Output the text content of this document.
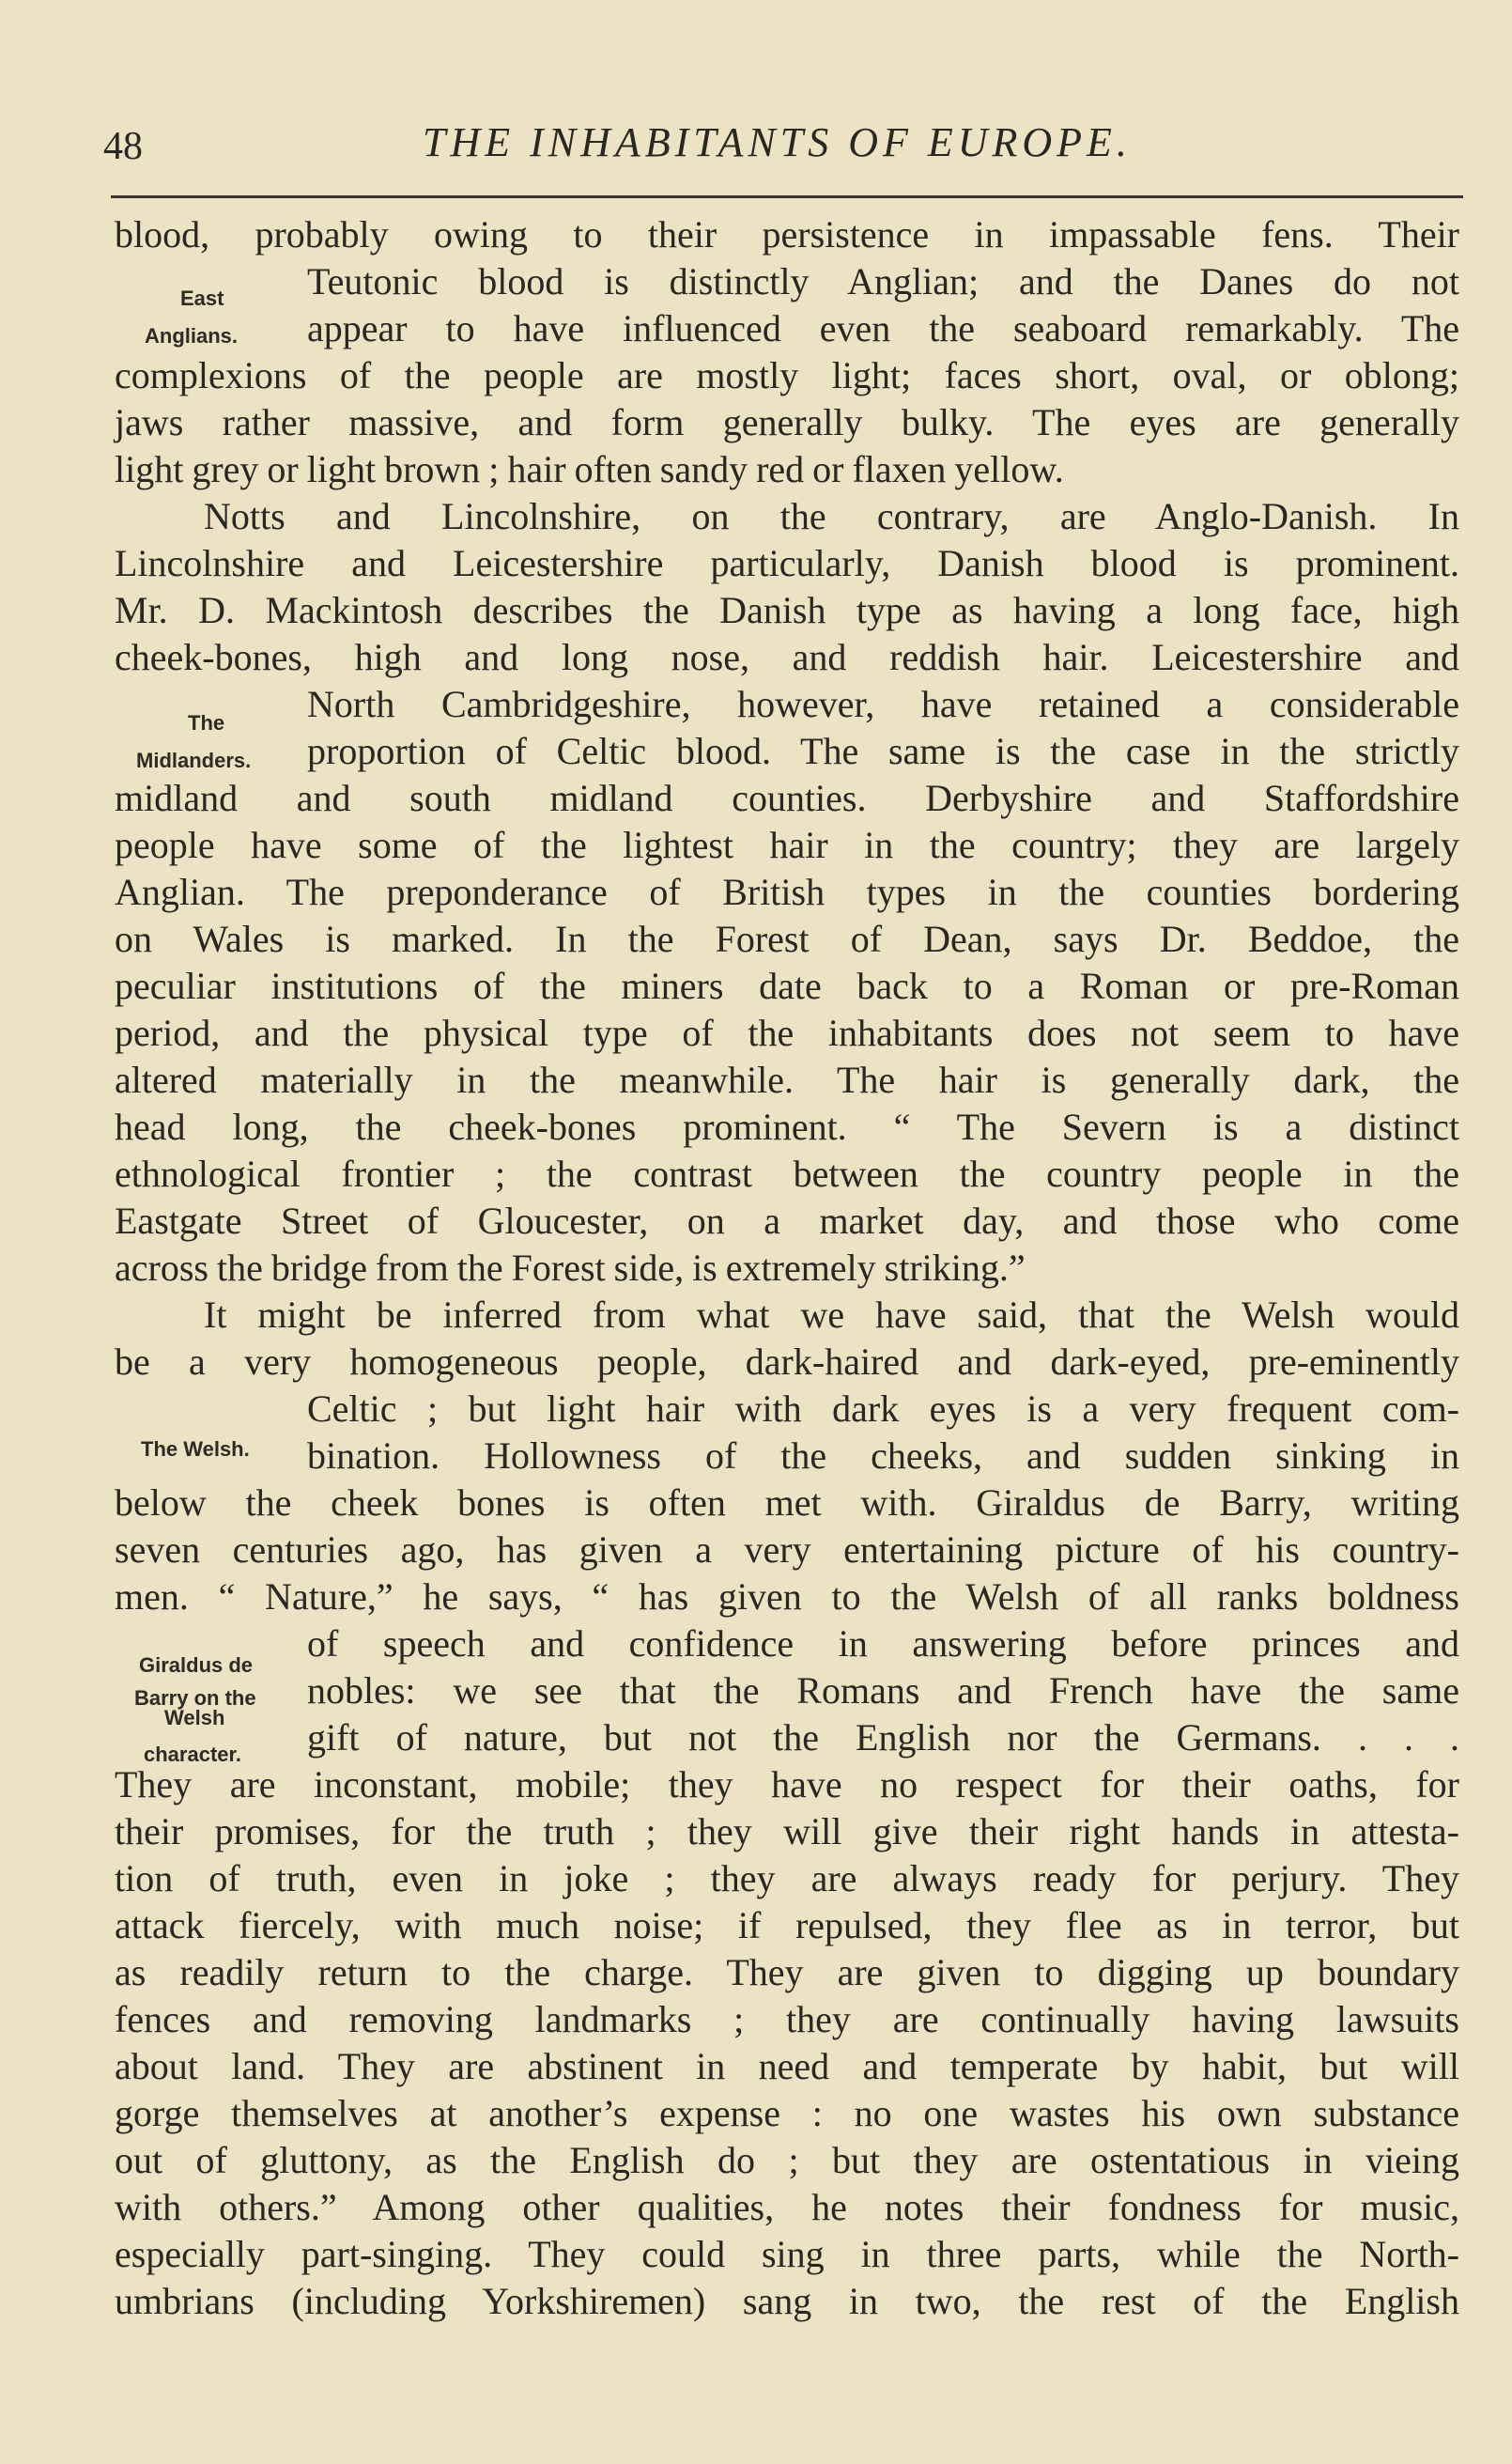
48	THE INHABITANTS OF EUROPE.
blood, probably owing to their persistence in impassable fens. Their
Teutonic blood is distinctly Anglian; and the Danes do not
appear to have influenced even the seaboard remarkably. The
complexions of the people are mostly light; faces short, oval, or oblong;
jaws rather massive, and form generally bulky. The eyes are generally
light grey or light brown ; hair often sandy red or flaxen yellow.
Notts and Lincolnshire, on the contrary, are Anglo-Danish. In
Lincolnshire and Leicestershire particularly, Danish blood is prominent.
Mr. D. Mackintosh describes the Danish type as having a long face, high
cheek-bones, high and long nose, and reddish hair. Leicestershire and
North Cambridgeshire, however, have retained a considerable
proportion of Celtic blood. The same is the case in the strictly
midland and south midland counties. Derbyshire and Staffordshire
people have some of the lightest hair in the country; they are largely
Anglian. The preponderance of British types in the counties bordering
on Wales is marked. In the Forest of Dean, says Dr. Beddoe, the
peculiar institutions of the miners date back to a Roman or pre-Roman
period, and the physical type of the inhabitants does not seem to have
altered materially in the meanwhile. The hair is generally dark, the
head long, the cheek-bones prominent. “ The Severn is a distinct
ethnological frontier ; the contrast between the country people in the
Eastgate Street of Gloucester, on a market day, and those who come
across the bridge from the Forest side, is extremely striking.”
It might be inferred from what we have said, that the Welsh would
be a very homogeneous people, dark-haired and dark-eyed, pre-eminently
Celtic ; but light hair with dark eyes is a very frequent com-
bination. Hollowness of the cheeks, and sudden sinking in
below the cheek bones is often met with. Giraldus de Barry, writing
seven centuries ago, has given a very entertaining picture of his country-
men. “ Nature,” he says, “ has given to the Welsh of all ranks boldness
of speech and confidence in answering before princes and
nobles: we see that the Romans and French have the same
gift of nature, but not the English nor the Germans. . . .
They are inconstant, mobile; they have no respect for their oaths, for
their promises, for the truth ; they will give their right hands in attesta-
tion of truth, even in joke ; they are always ready for perjury. They
attack fiercely, with much noise; if repulsed, they flee as in terror, but
as readily return to the charge. They are given to digging up boundary
fences and removing landmarks ; they are continually having lawsuits
about land. They are abstinent in need and temperate by habit, but will
gorge themselves at another’s expense : no one wastes his own substance
out of gluttony, as the English do ; but they are ostentatious in vieing
with others.” Among other qualities, he notes their fondness for music,
especially part-singing. They could sing in three parts, while the North-
umbrians (including Yorkshiremen) sang in two, the rest of the English
East
Anglians.
The
Midlanders.
The Welsh.
Giraldus de
Barry on the
Welsh
character.
